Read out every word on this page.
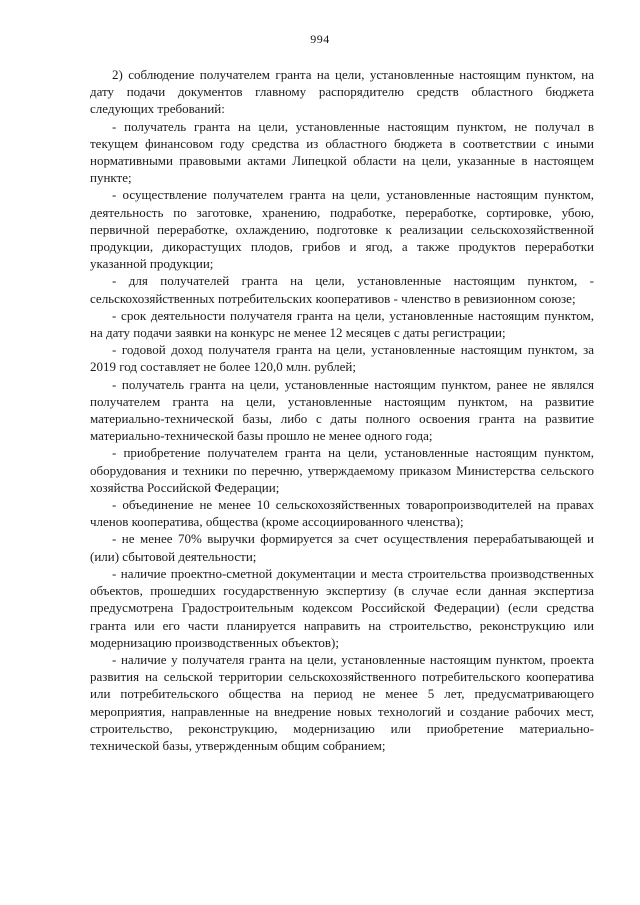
994

2) соблюдение получателем гранта на цели, установленные настоящим пунктом, на дату подачи документов главному распорядителю средств областного бюджета следующих требований:

- получатель гранта на цели, установленные настоящим пунктом, не получал в текущем финансовом году средства из областного бюджета в соответствии с иными нормативными правовыми актами Липецкой области на цели, указанные в настоящем пункте;

- осуществление получателем гранта на цели, установленные настоящим пунктом, деятельность по заготовке, хранению, подработке, переработке, сортировке, убою, первичной переработке, охлаждению, подготовке к реализации сельскохозяйственной продукции, дикорастущих плодов, грибов и ягод, а также продуктов переработки указанной продукции;

- для получателей гранта на цели, установленные настоящим пунктом, - сельскохозяйственных потребительских кооперативов - членство в ревизионном союзе;

- срок деятельности получателя гранта на цели, установленные настоящим пунктом, на дату подачи заявки на конкурс не менее 12 месяцев с даты регистрации;

- годовой доход получателя гранта на цели, установленные настоящим пунктом, за 2019 год составляет не более 120,0 млн. рублей;

- получатель гранта на цели, установленные настоящим пунктом, ранее не являлся получателем гранта на цели, установленные настоящим пунктом, на развитие материально-технической базы, либо с даты полного освоения гранта на развитие материально-технической базы прошло не менее одного года;

- приобретение получателем гранта на цели, установленные настоящим пунктом, оборудования и техники по перечню, утверждаемому приказом Министерства сельского хозяйства Российской Федерации;

- объединение не менее 10 сельскохозяйственных товаропроизводителей на правах членов кооператива, общества (кроме ассоциированного членства);

- не менее 70% выручки формируется за счет осуществления перерабатывающей и (или) сбытовой деятельности;

- наличие проектно-сметной документации и места строительства производственных объектов, прошедших государственную экспертизу (в случае если данная экспертиза предусмотрена Градостроительным кодексом Российской Федерации) (если средства гранта или его части планируется направить на строительство, реконструкцию или модернизацию производственных объектов);

- наличие у получателя гранта на цели, установленные настоящим пунктом, проекта развития на сельской территории сельскохозяйственного потребительского кооператива или потребительского общества на период не менее 5 лет, предусматривающего мероприятия, направленные на внедрение новых технологий и создание рабочих мест, строительство, реконструкцию, модернизацию или приобретение материально-технической базы, утвержденным общим собранием;
